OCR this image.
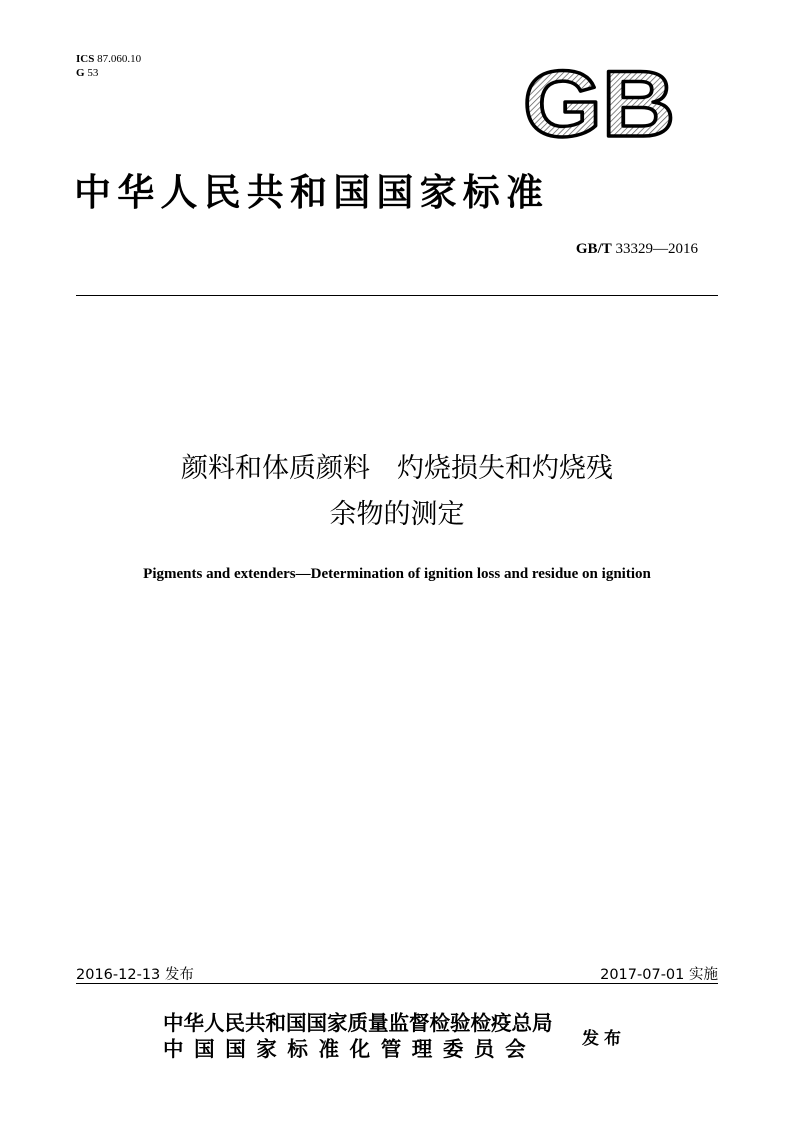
ICS 87.060.10
G 53	GB
中华人民共和国国家标准
GB/T 33329—2016
颜料和体质颜料　灼烧损失和灼烧残
余物的测定
Pigments and extenders—Determination of ignition loss and residue on ignition
2016-12-13 发布	2017-07-01 实施
中华人民共和国国家质量监督检验检疫总局
中国国家标准化管理委员会	发布
